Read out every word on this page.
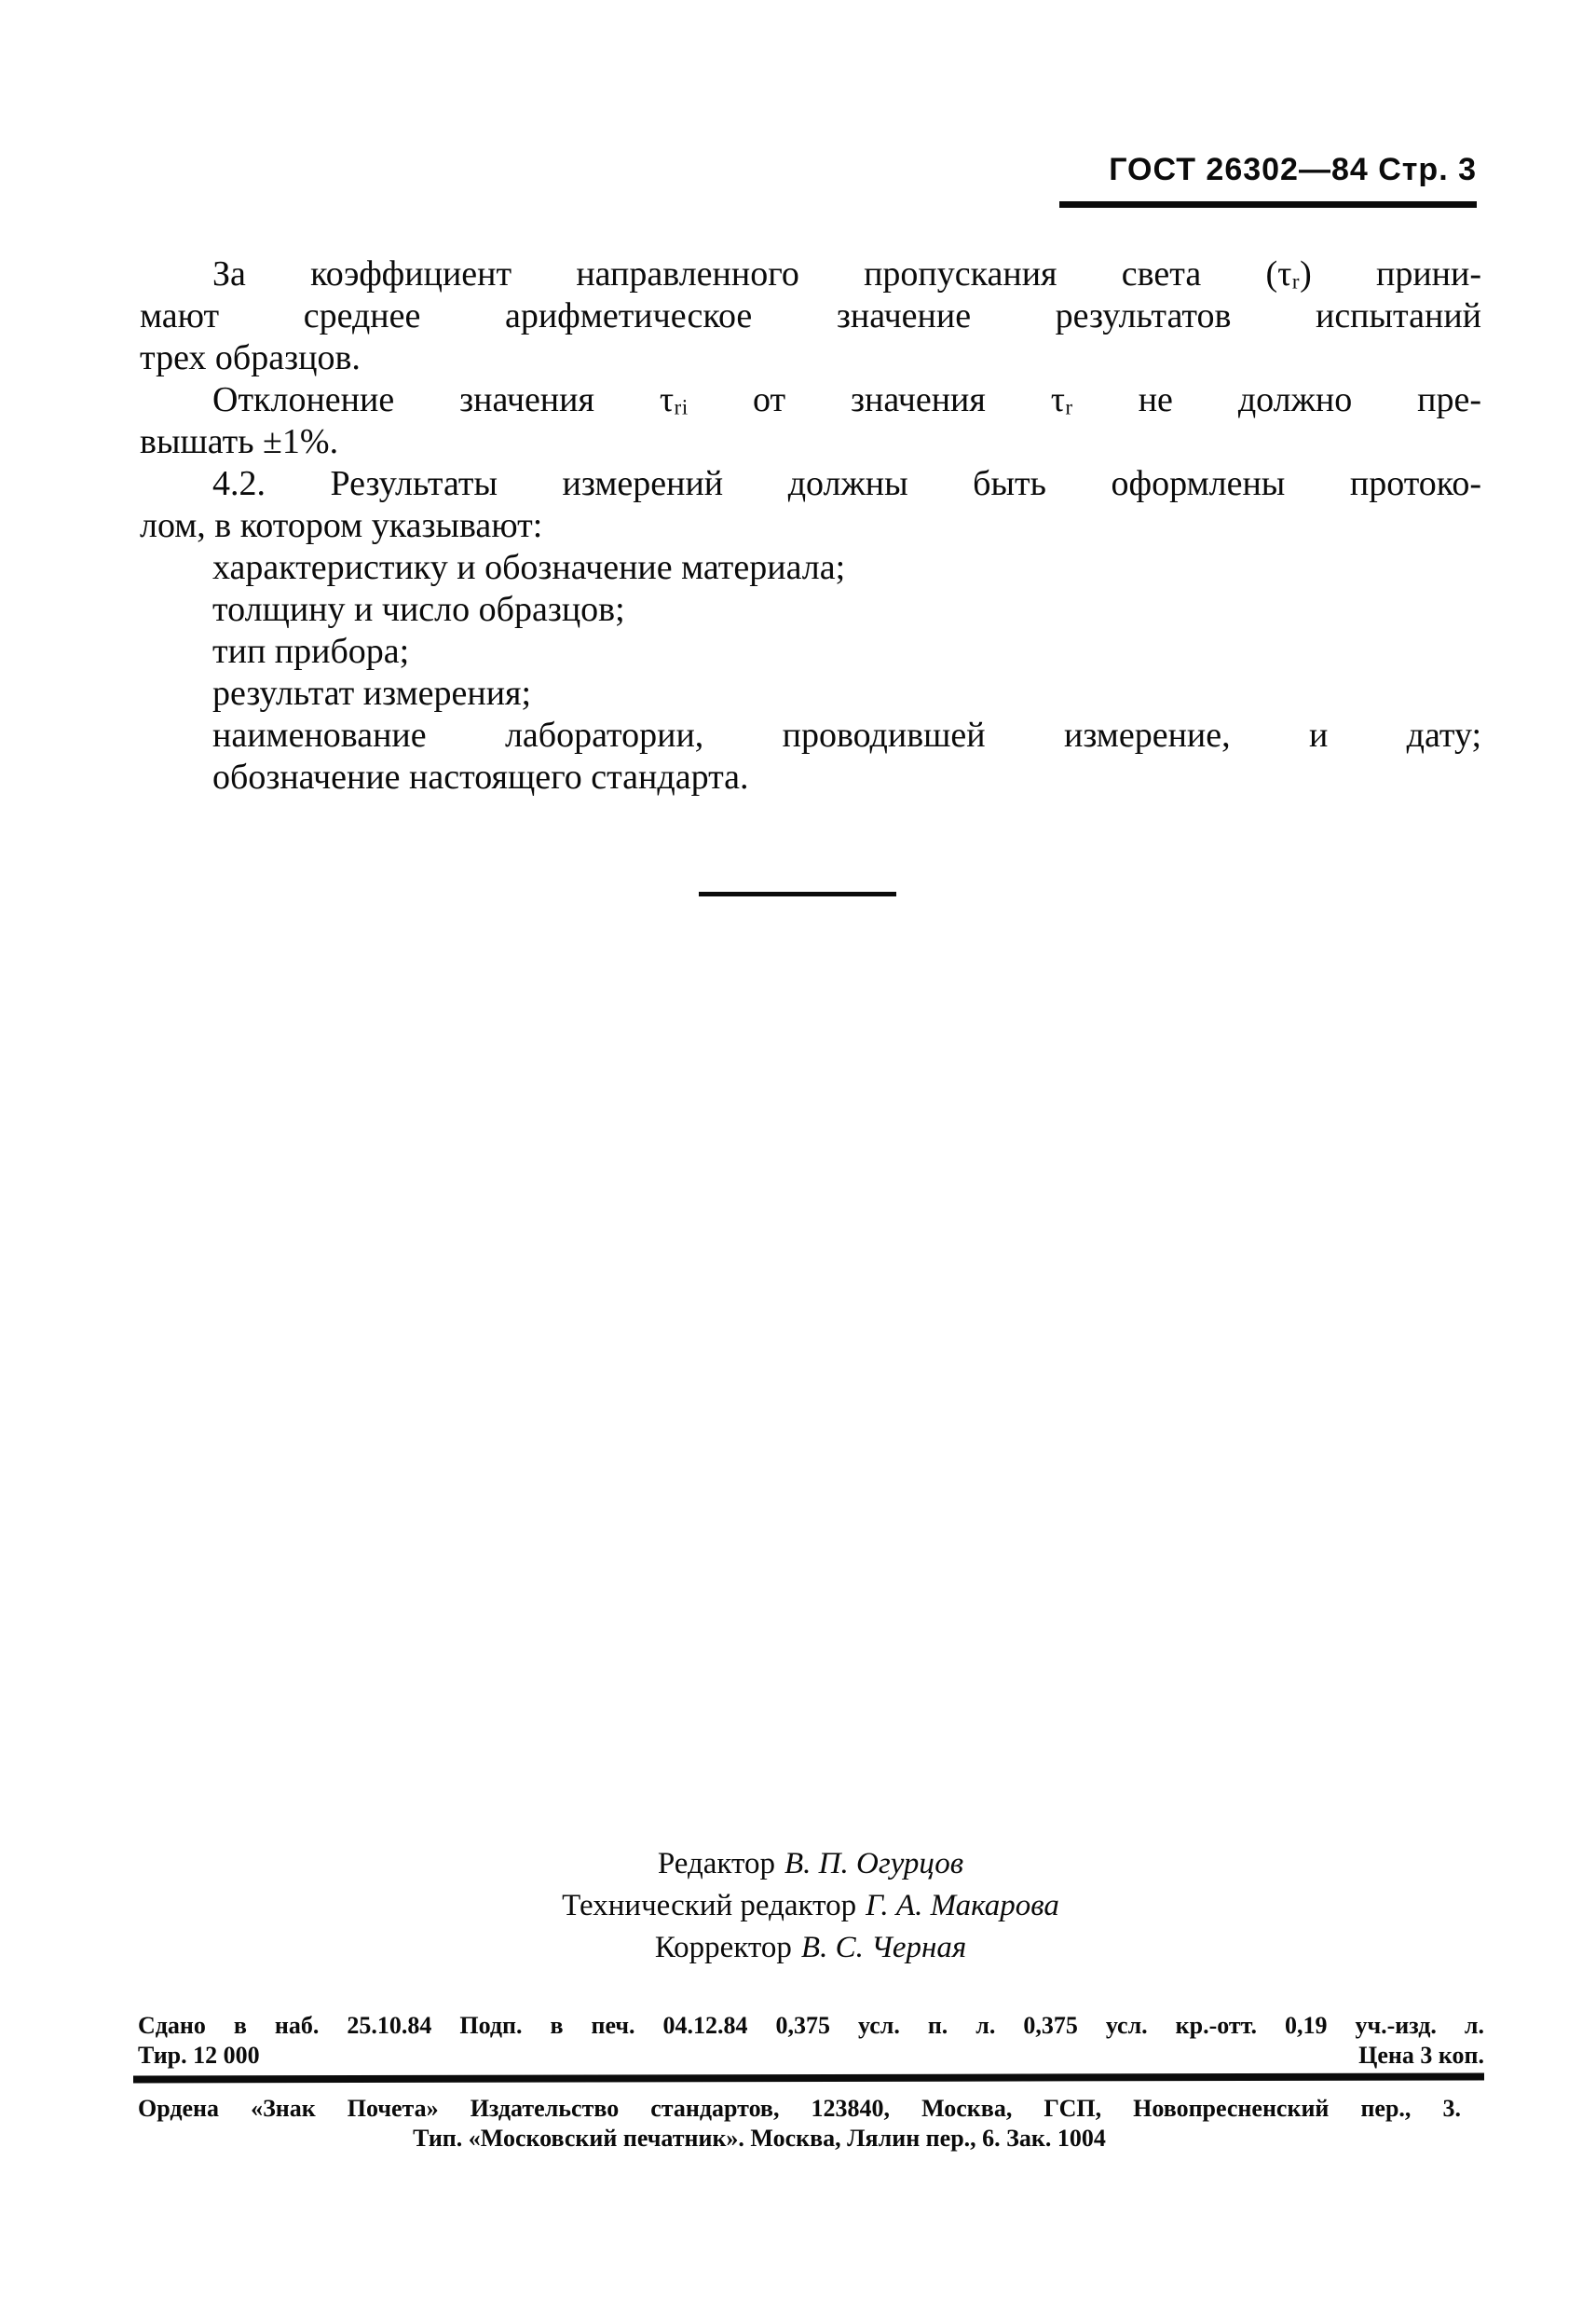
ГОСТ 26302—84 Стр. 3
За коэффициент направленного пропускания света (τᵣ) прини-
мают среднее арифметическое значение результатов испытаний
трех образцов.
Отклонение значения τᵣᵢ от значения τᵣ не должно пре-
вышать ±1%.
4.2. Результаты измерений должны быть оформлены протоко-
лом, в котором указывают:
характеристику и обозначение материала;
толщину и число образцов;
тип прибора;
результат измерения;
наименование лаборатории, проводившей измерение, и дату;
обозначение настоящего стандарта.
Редактор В. П. Огурцов
Технический редактор Г. А. Макарова
Корректор В. С. Черная
Сдано в наб. 25.10.84 Подп. в печ. 04.12.84 0,375 усл. п. л. 0,375 усл. кр.-отт. 0,19 уч.-изд. л.
Тир. 12 000	Цена 3 коп.
Ордена «Знак Почета» Издательство стандартов, 123840, Москва, ГСП, Новопресненский пер., 3.
Тип. «Московский печатник». Москва, Лялин пер., 6. Зак. 1004
